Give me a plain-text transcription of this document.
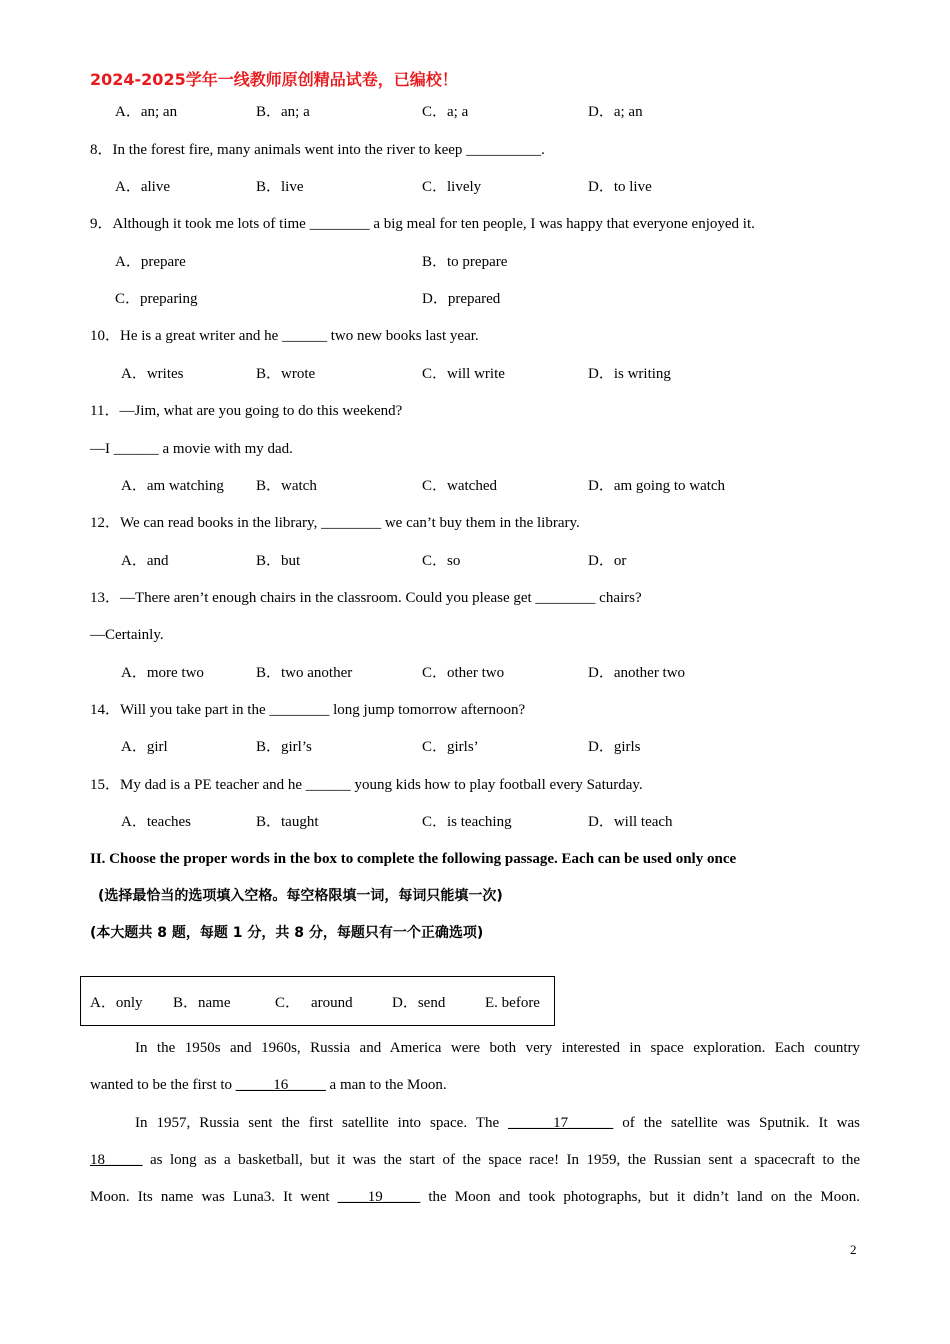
2024-2025学年一线教师原创精品试卷，已编校！
A．an; an	B．an; a	C．a; a	D．a; an
8．In the forest fire, many animals went into the river to keep __________.
A．alive	B．live	C．lively	D．to live
9．Although it took me lots of time ________ a big meal for ten people, I was happy that everyone enjoyed it.
A．prepare	B．to prepare
C．preparing	D．prepared
10．He is a great writer and he ______ two new books last year.
A．writes	B．wrote	C．will write	D．is writing
11．—Jim, what are you going to do this weekend?
—I ______ a movie with my dad.
A．am watching B．watch	C．watched	D．am going to watch
12．We can read books in the library, ________ we can’t buy them in the library.
A．and	B．but	C．so	D．or
13．—There aren’t enough chairs in the classroom. Could you please get ________ chairs?
—Certainly.
A．more two	B．two another	C．other two	D．another two
14．Will you take part in the ________ long jump tomorrow afternoon?
A．girl	B．girl’s	C．girls’	D．girls
15．My dad is a PE teacher and he ______ young kids how to play football every Saturday.
A．teaches	B．taught	C．is teaching	D．will teach
II. Choose the proper words in the box to complete the following passage. Each can be used only once
(选择最恰当的选项填入空格。每空格限填一词，每词只能填一次)
(本大题共 8 题，每题 1 分，共 8 分，每题只有一个正确选项)
A．only B．name	C． around	D．send	E. before
In the 1950s and 1960s, Russia and America were both very interested in space exploration. Each country
wanted to be the first to _____16_____ a man to the Moon.
In 1957, Russia sent the first satellite into space. The ______17______ of the satellite was Sputnik. It was
18_____ as long as a basketball, but it was the start of the space race! In 1959, the Russian sent a spacecraft to the
Moon. Its name was Luna3. It went ____19_____ the Moon and took photographs, but it didn’t land on the Moon.
2
